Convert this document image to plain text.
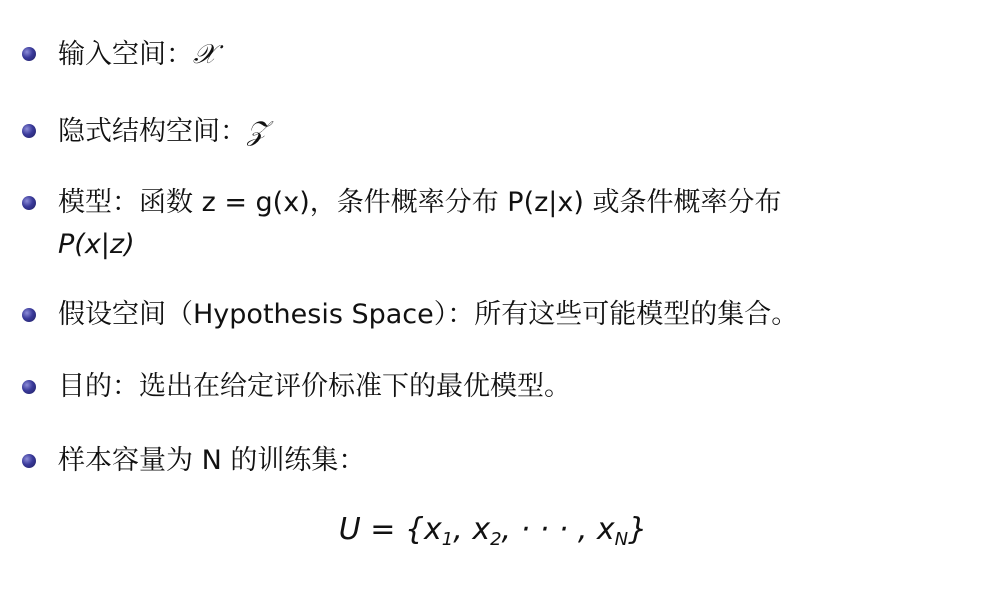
输入空间：𝒳
隐式结构空间：𝒵
模型：函数 z = g(x)，条件概率分布 P(z|x) 或条件概率分布
P(x|z)
假设空间（Hypothesis Space）：所有这些可能模型的集合。
目的：选出在给定评价标准下的最优模型。
样本容量为 N 的训练集：
$U = \{x_1$, $x_2$, · · · , $x_N$}
